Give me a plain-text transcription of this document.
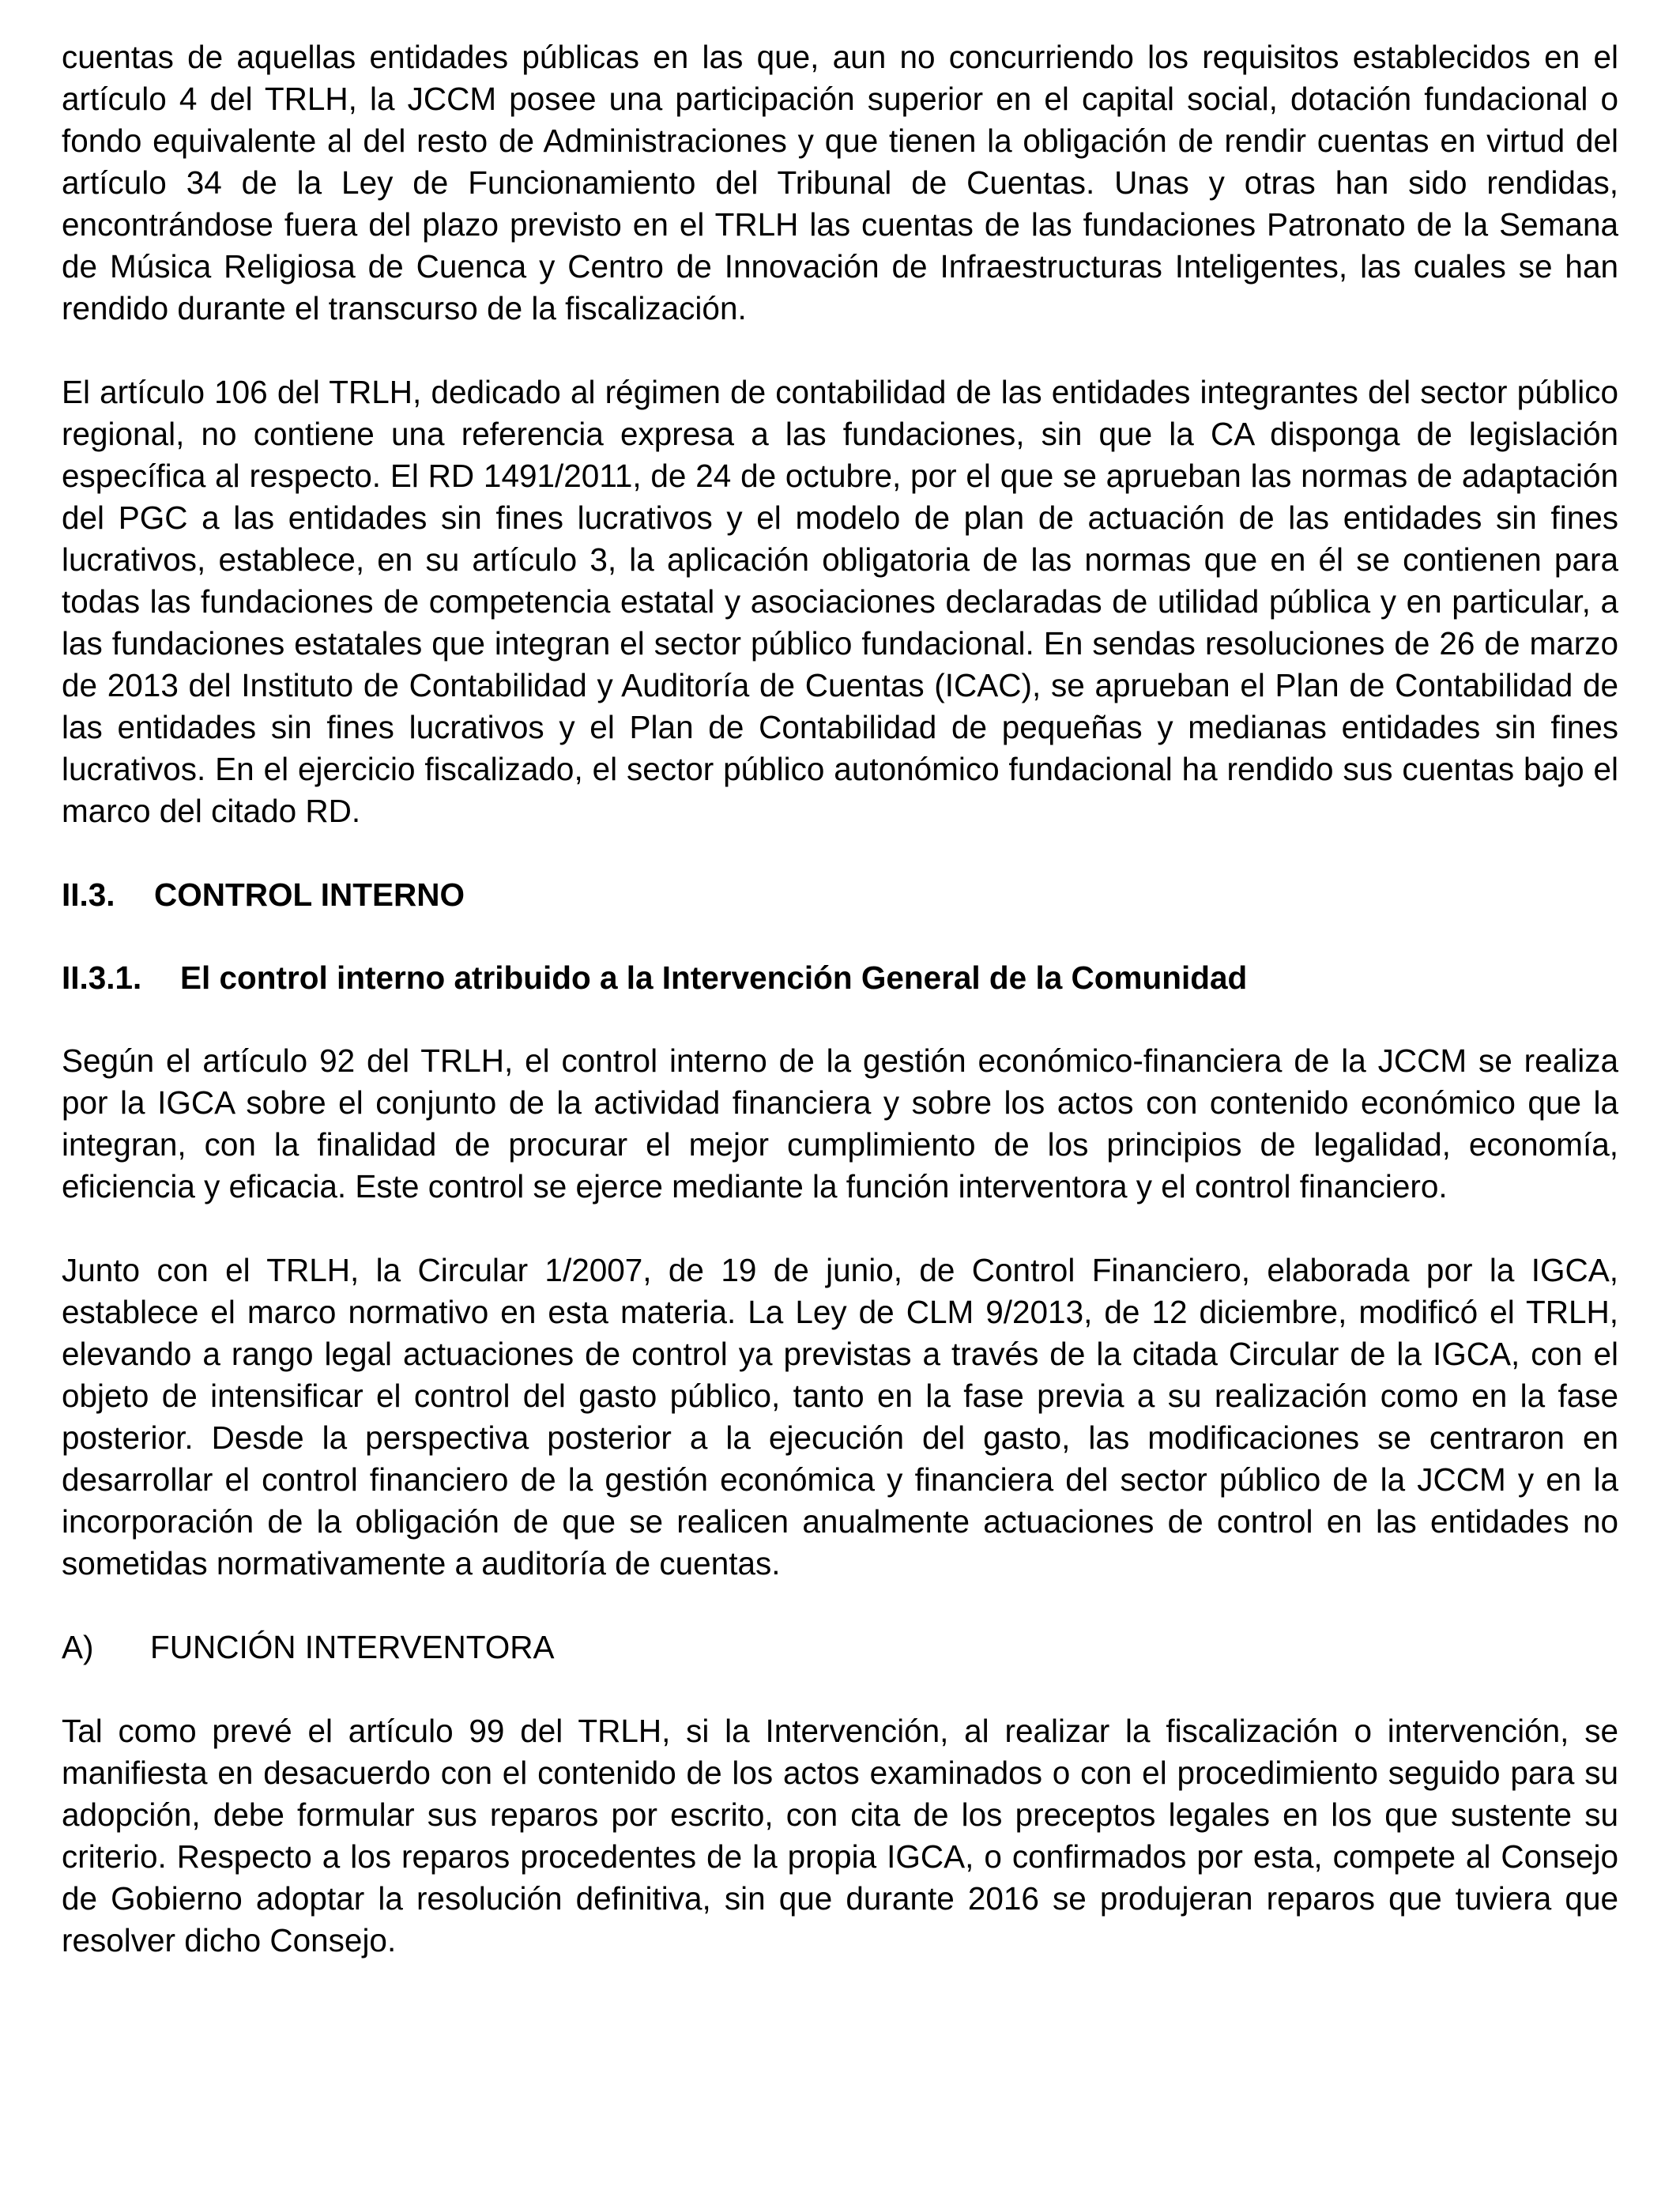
cuentas de aquellas entidades públicas en las que, aun no concurriendo los requisitos establecidos en el artículo 4 del TRLH, la JCCM posee una participación superior en el capital social, dotación fundacional o fondo equivalente al del resto de Administraciones y que tienen la obligación de rendir cuentas en virtud del artículo 34 de la Ley de Funcionamiento del Tribunal de Cuentas. Unas y otras han sido rendidas, encontrándose fuera del plazo previsto en el TRLH las cuentas de las fundaciones Patronato de la Semana de Música Religiosa de Cuenca y Centro de Innovación de Infraestructuras Inteligentes, las cuales se han rendido durante el transcurso de la fiscalización.

El artículo 106 del TRLH, dedicado al régimen de contabilidad de las entidades integrantes del sector público regional, no contiene una referencia expresa a las fundaciones, sin que la CA disponga de legislación específica al respecto. El RD 1491/2011, de 24 de octubre, por el que se aprueban las normas de adaptación del PGC a las entidades sin fines lucrativos y el modelo de plan de actuación de las entidades sin fines lucrativos, establece, en su artículo 3, la aplicación obligatoria de las normas que en él se contienen para todas las fundaciones de competencia estatal y asociaciones declaradas de utilidad pública y en particular, a las fundaciones estatales que integran el sector público fundacional. En sendas resoluciones de 26 de marzo de 2013 del Instituto de Contabilidad y Auditoría de Cuentas (ICAC), se aprueban el Plan de Contabilidad de las entidades sin fines lucrativos y el Plan de Contabilidad de pequeñas y medianas entidades sin fines lucrativos. En el ejercicio fiscalizado, el sector público autonómico fundacional ha rendido sus cuentas bajo el marco del citado RD.

II.3. CONTROL INTERNO
II.3.1. El control interno atribuido a la Intervención General de la Comunidad

Según el artículo 92 del TRLH, el control interno de la gestión económico-financiera de la JCCM se realiza por la IGCA sobre el conjunto de la actividad financiera y sobre los actos con contenido económico que la integran, con la finalidad de procurar el mejor cumplimiento de los principios de legalidad, economía, eficiencia y eficacia. Este control se ejerce mediante la función interventora y el control financiero.

Junto con el TRLH, la Circular 1/2007, de 19 de junio, de Control Financiero, elaborada por la IGCA, establece el marco normativo en esta materia. La Ley de CLM 9/2013, de 12 diciembre, modificó el TRLH, elevando a rango legal actuaciones de control ya previstas a través de la citada Circular de la IGCA, con el objeto de intensificar el control del gasto público, tanto en la fase previa a su realización como en la fase posterior. Desde la perspectiva posterior a la ejecución del gasto, las modificaciones se centraron en desarrollar el control financiero de la gestión económica y financiera del sector público de la JCCM y en la incorporación de la obligación de que se realicen anualmente actuaciones de control en las entidades no sometidas normativamente a auditoría de cuentas.

A) FUNCIÓN INTERVENTORA

Tal como prevé el artículo 99 del TRLH, si la Intervención, al realizar la fiscalización o intervención, se manifiesta en desacuerdo con el contenido de los actos examinados o con el procedimiento seguido para su adopción, debe formular sus reparos por escrito, con cita de los preceptos legales en los que sustente su criterio. Respecto a los reparos procedentes de la propia IGCA, o confirmados por esta, compete al Consejo de Gobierno adoptar la resolución definitiva, sin que durante 2016 se produjeran reparos que tuviera que resolver dicho Consejo.
